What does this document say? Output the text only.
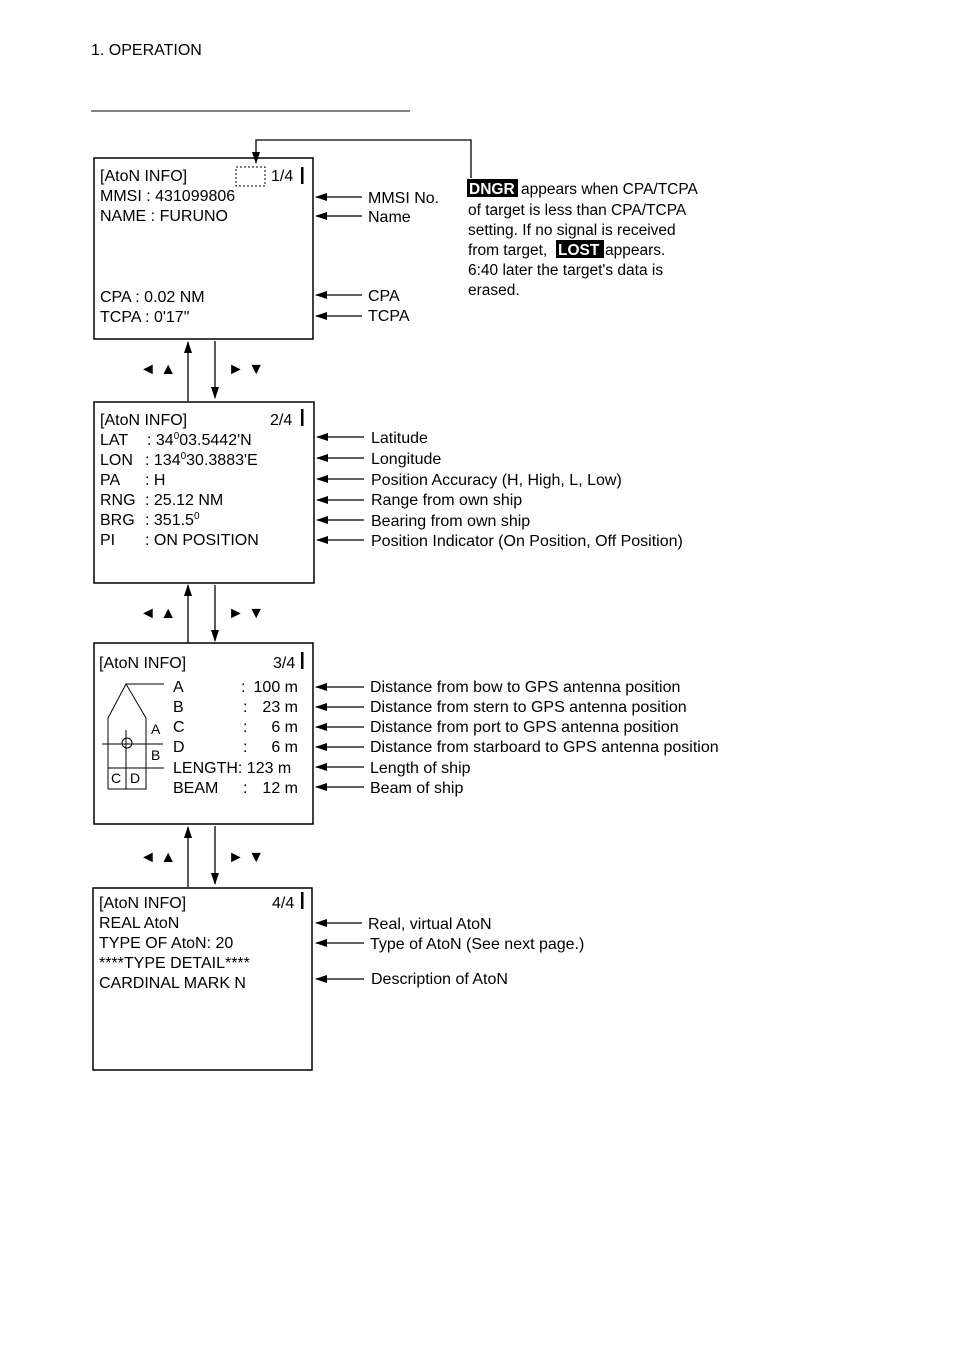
1. OPERATION
[AtoN INFO]	1/4
MMSI : 431099806
NAME : FURUNO
CPA : 0.02 NM
TCPA : 0'17"
MMSI No.
Name
CPA
TCPA
DNGR appears when CPA/TCPA
of target is less than CPA/TCPA
setting. If no signal is received
from target, LOST appears.
6:40 later the target's data is
erased.
◄ ▲	► ▼
[AtoN INFO]	2/4
LAT : $34^003.5442'N$
LON : $134^030.3883'E$
PA : H
RNG : 25.12 NM
BRG : 351.5$^0$
PI : ON POSITION
Latitude
Longitude
Position Accuracy (H, High, L, Low)
Range from own ship
Bearing from own ship
Position Indicator (On Position, Off Position)
◄ ▲	► ▼
[AtoN INFO]	3/4
A
B
C D
A	: 100 m
B	: 23 m
C	: 6 m
D	: 6 m
LENGTH: 123 m
BEAM : 12 m
Distance from bow to GPS antenna position
Distance from stern to GPS antenna position
Distance from port to GPS antenna position
Distance from starboard to GPS antenna position
Length of ship
Beam of ship
◄ ▲	► ▼
[AtoN INFO]	4/4
REAL AtoN
TYPE OF AtoN: 20
****TYPE DETAIL****
CARDINAL MARK N
Real, virtual AtoN
Type of AtoN (See next page.)
Description of AtoN
